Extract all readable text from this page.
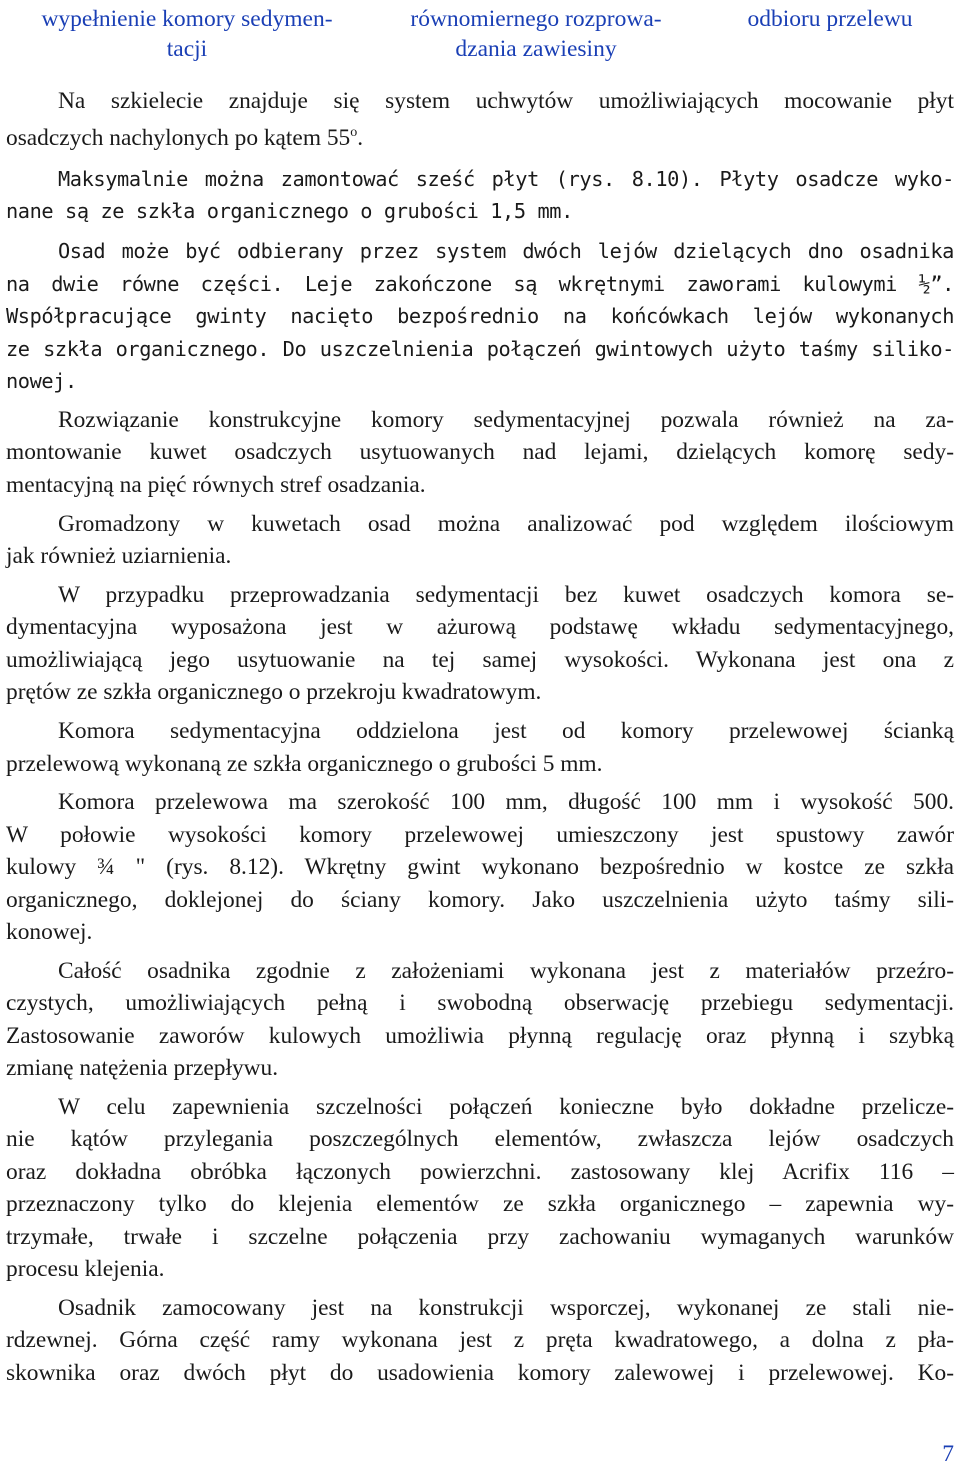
wypełnienie komory sedymen-
tacji
równomiernego rozprowa-
dzania zawiesiny
odbioru przelewu

Na szkielecie znajduje się system uchwytów umożliwiających mocowanie płyt
osadczych nachylonych po kątem 55$^o$.

Maksymalnie można zamontować sześć płyt (rys. 8.10). Płyty osadcze wyko-
nane są ze szkła organicznego o grubości 1,5 mm.

Osad może być odbierany przez system dwóch lejów dzielących dno osadnika
na dwie równe części. Leje zakończone są wkrętnymi zaworami kulowymi ½”.
Współpracujące gwinty nacięto bezpośrednio na końcówkach lejów wykonanych
ze szkła organicznego. Do uszczelnienia połączeń gwintowych użyto taśmy siliko-
nowej.

Rozwiązanie konstrukcyjne komory sedymentacyjnej pozwala również na za-
montowanie kuwet osadczych usytuowanych nad lejami, dzielących komorę sedy-
mentacyjną na pięć równych stref osadzania.

Gromadzony w kuwetach osad można analizować pod względem ilościowym
jak również uziarnienia.

W przypadku przeprowadzania sedymentacji bez kuwet osadczych komora se-
dymentacyjna wyposażona jest w ażurową podstawę wkładu sedymentacyjnego,
umożliwiającą jego usytuowanie na tej samej wysokości. Wykonana jest ona z
prętów ze szkła organicznego o przekroju kwadratowym.

Komora sedymentacyjna oddzielona jest od komory przelewowej ścianką
przelewową wykonaną ze szkła organicznego o grubości 5 mm.

Komora przelewowa ma szerokość 100 mm, długość 100 mm i wysokość 500.
W połowie wysokości komory przelewowej umieszczony jest spustowy zawór
kulowy ¾ " (rys. 8.12). Wkrętny gwint wykonano bezpośrednio w kostce ze szkła
organicznego, doklejonej do ściany komory. Jako uszczelnienia użyto taśmy sili-
konowej.

Całość osadnika zgodnie z założeniami wykonana jest z materiałów przeźro-
czystych, umożliwiających pełną i swobodną obserwację przebiegu sedymentacji.
Zastosowanie zaworów kulowych umożliwia płynną regulację oraz płynną i szybką
zmianę natężenia przepływu.

W celu zapewnienia szczelności połączeń konieczne było dokładne przelicze-
nie kątów przylegania poszczególnych elementów, zwłaszcza lejów osadczych
oraz dokładna obróbka łączonych powierzchni. zastosowany klej Acrifix 116 –
przeznaczony tylko do klejenia elementów ze szkła organicznego – zapewnia wy-
trzymałe, trwałe i szczelne połączenia przy zachowaniu wymaganych warunków
procesu klejenia.

Osadnik zamocowany jest na konstrukcji wsporczej, wykonanej ze stali nie-
rdzewnej. Górna część ramy wykonana jest z pręta kwadratowego, a dolna z pła-
skownika oraz dwóch płyt do usadowienia komory zalewowej i przelewowej. Ko-

7
